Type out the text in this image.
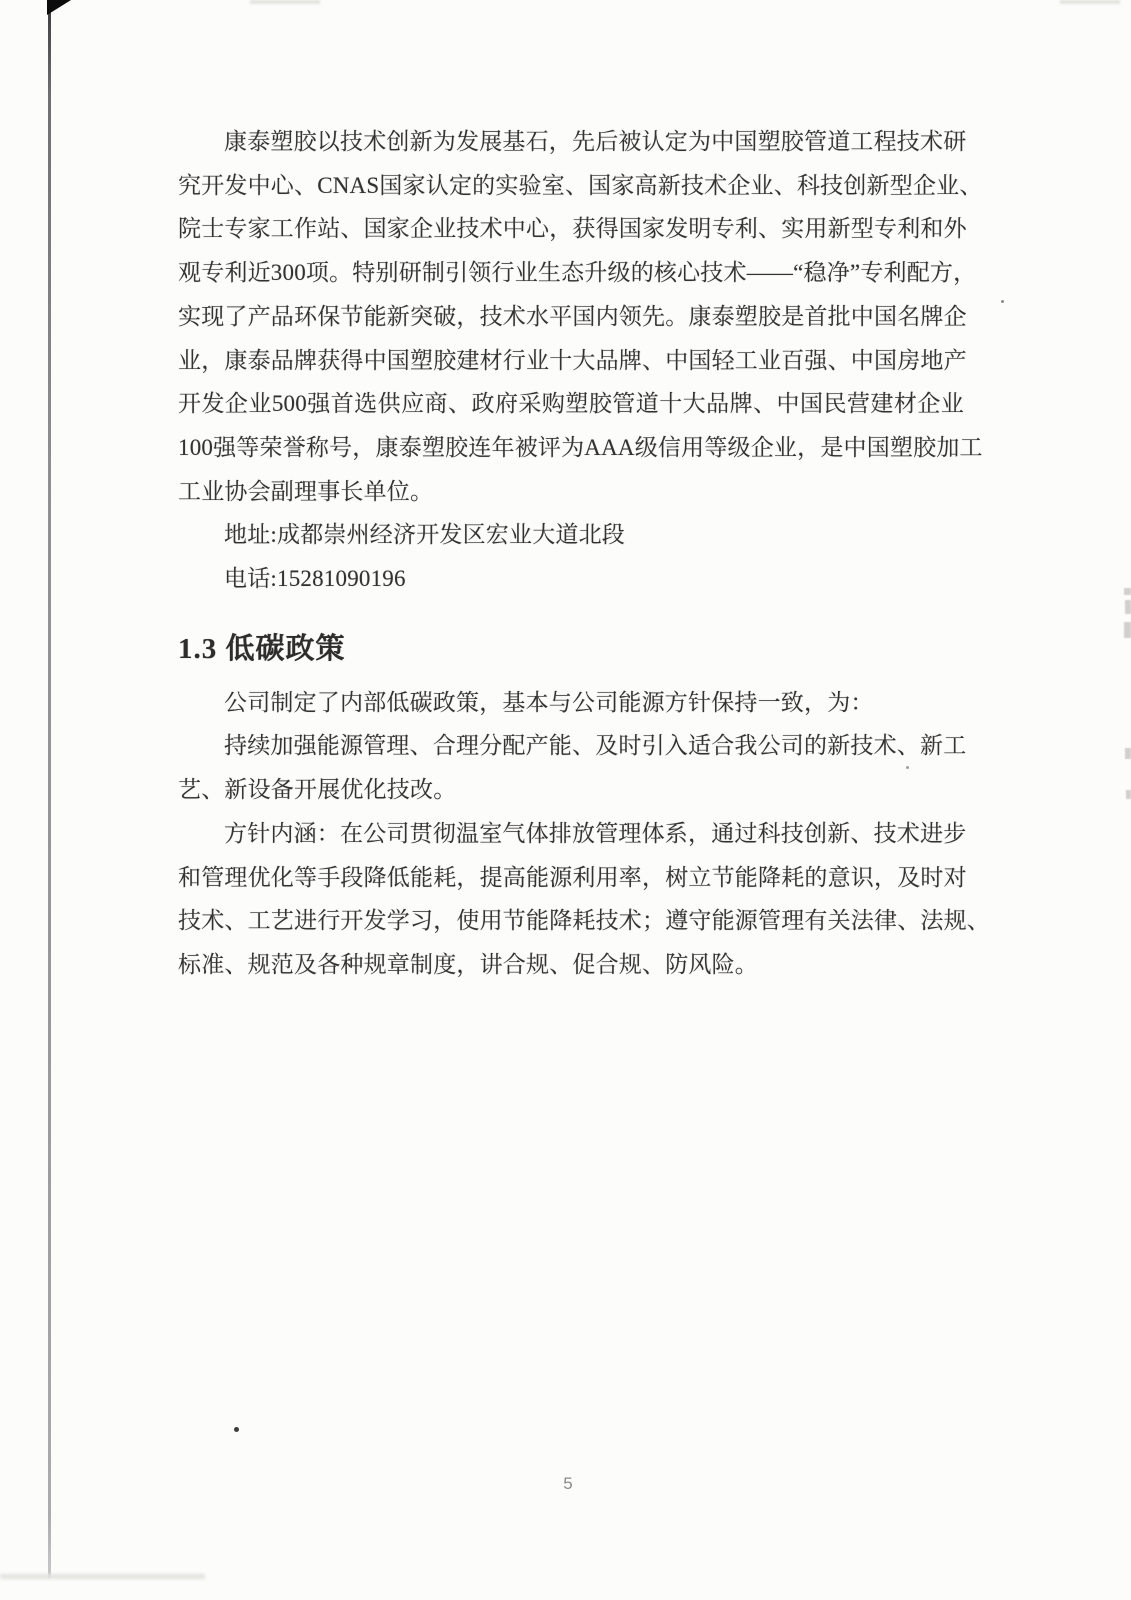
康泰塑胶以技术创新为发展基石，先后被认定为中国塑胶管道工程技术研
究开发中心、CNAS国家认定的实验室、国家高新技术企业、科技创新型企业、
院士专家工作站、国家企业技术中心，获得国家发明专利、实用新型专利和外
观专利近300项。特别研制引领行业生态升级的核心技术——“稳净”专利配方，
实现了产品环保节能新突破，技术水平国内领先。康泰塑胶是首批中国名牌企
业，康泰品牌获得中国塑胶建材行业十大品牌、中国轻工业百强、中国房地产
开发企业500强首选供应商、政府采购塑胶管道十大品牌、中国民营建材企业
100强等荣誉称号，康泰塑胶连年被评为AAA级信用等级企业，是中国塑胶加工
工业协会副理事长单位。
地址:成都崇州经济开发区宏业大道北段
电话:15281090196
1.3 低碳政策
公司制定了内部低碳政策，基本与公司能源方针保持一致，为：
持续加强能源管理、合理分配产能、及时引入适合我公司的新技术、新工
艺、新设备开展优化技改。
方针内涵：在公司贯彻温室气体排放管理体系，通过科技创新、技术进步
和管理优化等手段降低能耗，提高能源利用率，树立节能降耗的意识，及时对
技术、工艺进行开发学习，使用节能降耗技术；遵守能源管理有关法律、法规、
标准、规范及各种规章制度，讲合规、促合规、防风险。
5
